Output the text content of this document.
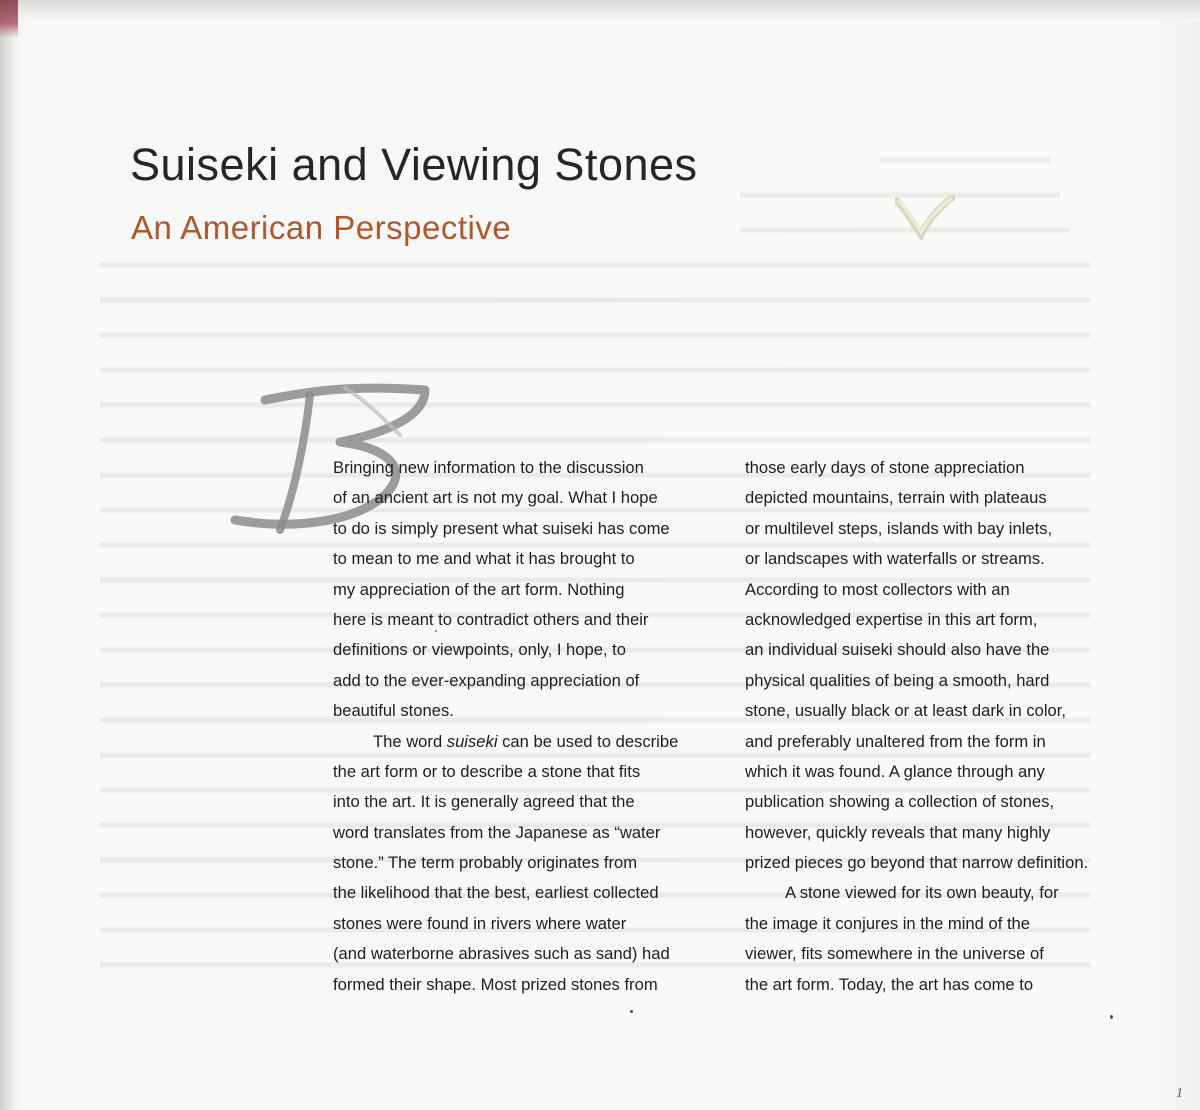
Suiseki and Viewing Stones
An American Perspective
Bringing new information to the discussion
of an ancient art is not my goal. What I hope
to do is simply present what suiseki has come
to mean to me and what it has brought to
my appreciation of the art form. Nothing
here is meant to contradict others and their
definitions or viewpoints, only, I hope, to
add to the ever-expanding appreciation of
beautiful stones.
The word suiseki can be used to describe
the art form or to describe a stone that fits
into the art. It is generally agreed that the
word translates from the Japanese as “water
stone.” The term probably originates from
the likelihood that the best, earliest collected
stones were found in rivers where water
(and waterborne abrasives such as sand) had
formed their shape. Most prized stones from
those early days of stone appreciation
depicted mountains, terrain with plateaus
or multilevel steps, islands with bay inlets,
or landscapes with waterfalls or streams.
According to most collectors with an
acknowledged expertise in this art form,
an individual suiseki should also have the
physical qualities of being a smooth, hard
stone, usually black or at least dark in color,
and preferably unaltered from the form in
which it was found. A glance through any
publication showing a collection of stones,
however, quickly reveals that many highly
prized pieces go beyond that narrow definition.
A stone viewed for its own beauty, for
the image it conjures in the mind of the
viewer, fits somewhere in the universe of
the art form. Today, the art has come to
1
